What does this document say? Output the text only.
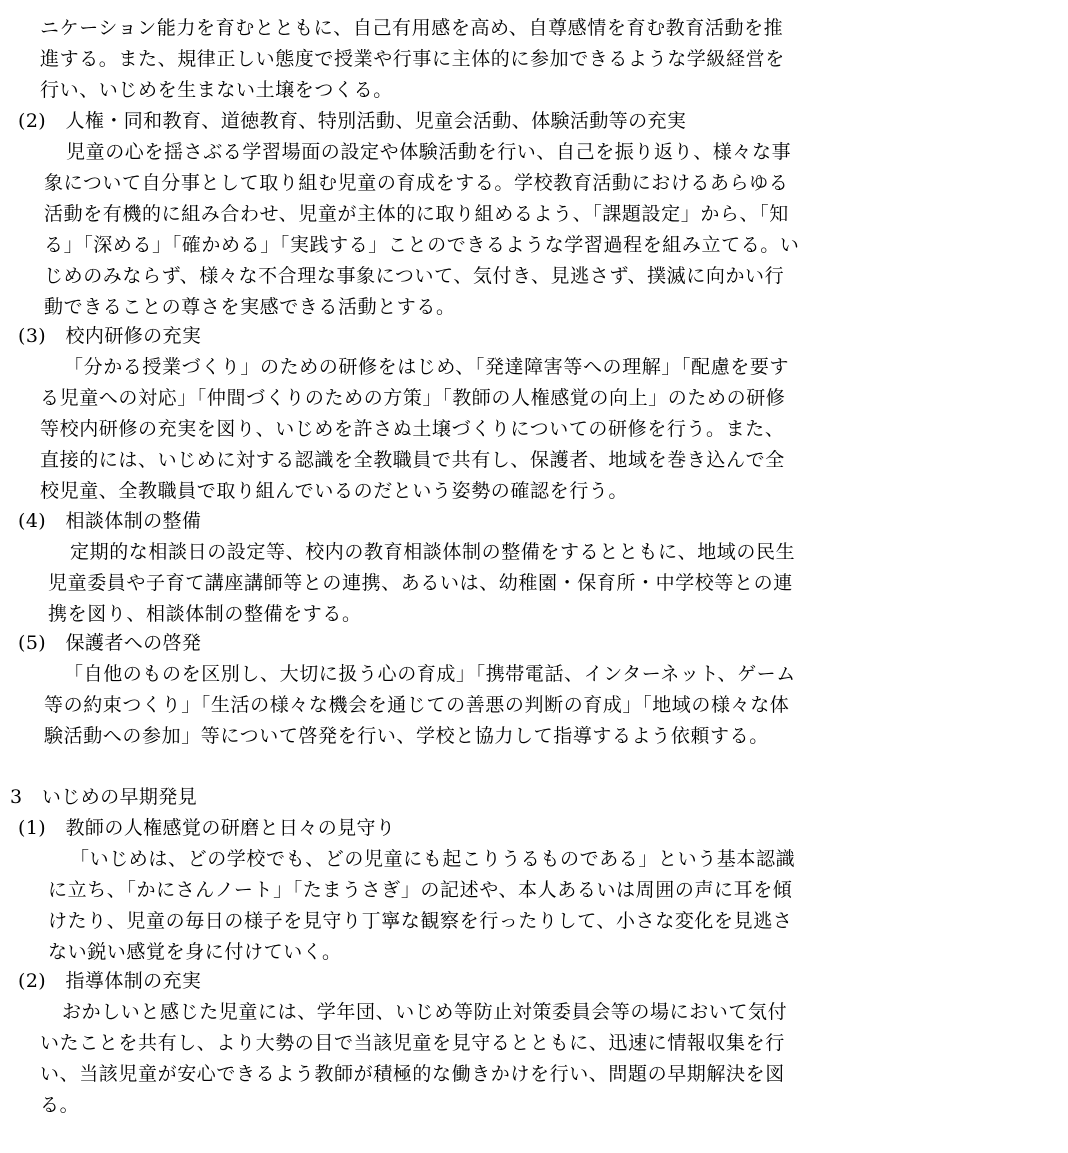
ニケーション能力を育むとともに、自己有用感を高め、自尊感情を育む教育活動を推
進する。また、規律正しい態度で授業や行事に主体的に参加できるような学級経営を
行い、いじめを生まない土壌をつくる。
(2)　人権・同和教育、道徳教育、特別活動、児童会活動、体験活動等の充実
児童の心を揺さぶる学習場面の設定や体験活動を行い、自己を振り返り、様々な事
象について自分事として取り組む児童の育成をする。学校教育活動におけるあらゆる
活動を有機的に組み合わせ、児童が主体的に取り組めるよう、「課題設定」から、「知
る」「深める」「確かめる」「実践する」ことのできるような学習過程を組み立てる。い
じめのみならず、様々な不合理な事象について、気付き、見逃さず、撲滅に向かい行
動できることの尊さを実感できる活動とする。
(3)　校内研修の充実
「分かる授業づくり」のための研修をはじめ、「発達障害等への理解」「配慮を要す
る児童への対応」「仲間づくりのための方策」「教師の人権感覚の向上」のための研修
等校内研修の充実を図り、いじめを許さぬ土壌づくりについての研修を行う。また、
直接的には、いじめに対する認識を全教職員で共有し、保護者、地域を巻き込んで全
校児童、全教職員で取り組んでいるのだという姿勢の確認を行う。
(4)　相談体制の整備
定期的な相談日の設定等、校内の教育相談体制の整備をするとともに、地域の民生
児童委員や子育て講座講師等との連携、あるいは、幼稚園・保育所・中学校等との連
携を図り、相談体制の整備をする。
(5)　保護者への啓発
「自他のものを区別し、大切に扱う心の育成」「携帯電話、インターネット、ゲーム
等の約束つくり」「生活の様々な機会を通じての善悪の判断の育成」「地域の様々な体
験活動への参加」等について啓発を行い、学校と協力して指導するよう依頼する。
3　いじめの早期発見
(1)　教師の人権感覚の研磨と日々の見守り
「いじめは、どの学校でも、どの児童にも起こりうるものである」という基本認識
に立ち、「かにさんノート」「たまうさぎ」の記述や、本人あるいは周囲の声に耳を傾
けたり、児童の毎日の様子を見守り丁寧な観察を行ったりして、小さな変化を見逃さ
ない鋭い感覚を身に付けていく。
(2)　指導体制の充実
おかしいと感じた児童には、学年団、いじめ等防止対策委員会等の場において気付
いたことを共有し、より大勢の目で当該児童を見守るとともに、迅速に情報収集を行
い、当該児童が安心できるよう教師が積極的な働きかけを行い、問題の早期解決を図
る。
